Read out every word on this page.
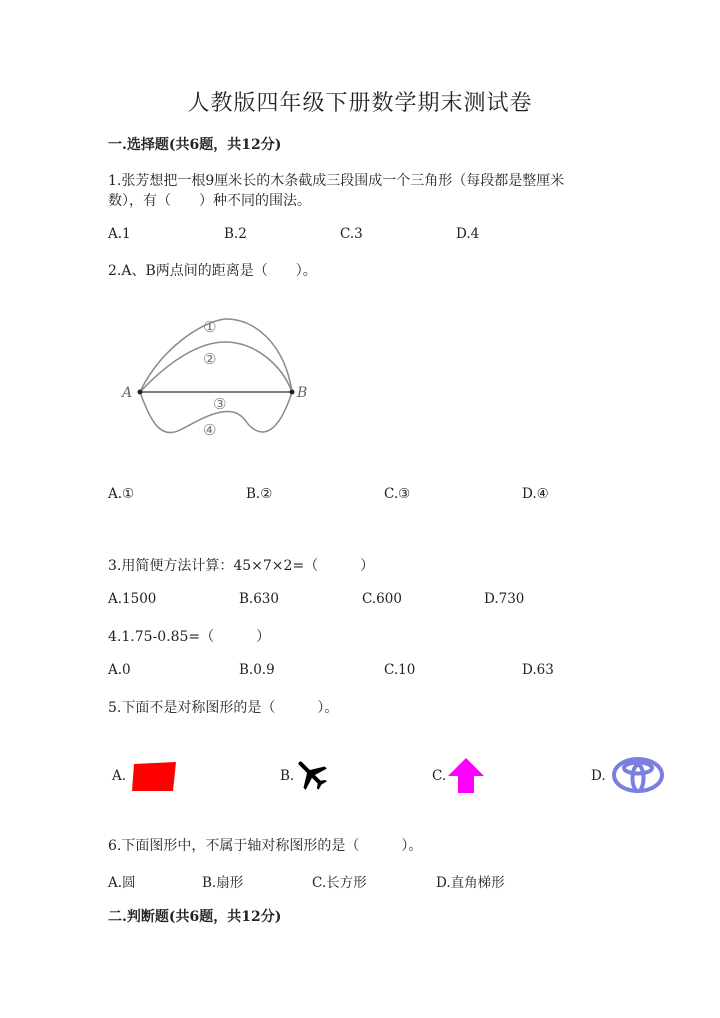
人教版四年级下册数学期末测试卷
一.选择题(共6题，共12分)
1.张芳想把一根9厘米长的木条截成三段围成一个三角形（每段都是整厘米
数），有（　　）种不同的围法。
A.1	B.2	C.3	D.4
2.A、B两点间的距离是（　　）。
A	B
①
②
③
④
A.①	B.②	C.③	D.④
3.用简便方法计算：45×7×2=（　　　）
A.1500	B.630	C.600	D.730
4.1.75-0.85=（　　　）
A.0	B.0.9	C.10	D.63
5.下面不是对称图形的是（　　　）。
A.	B.	C.	D.
6.下面图形中，不属于轴对称图形的是（　　　）。
A.圆	B.扇形	C.长方形	D.直角梯形
二.判断题(共6题，共12分)
